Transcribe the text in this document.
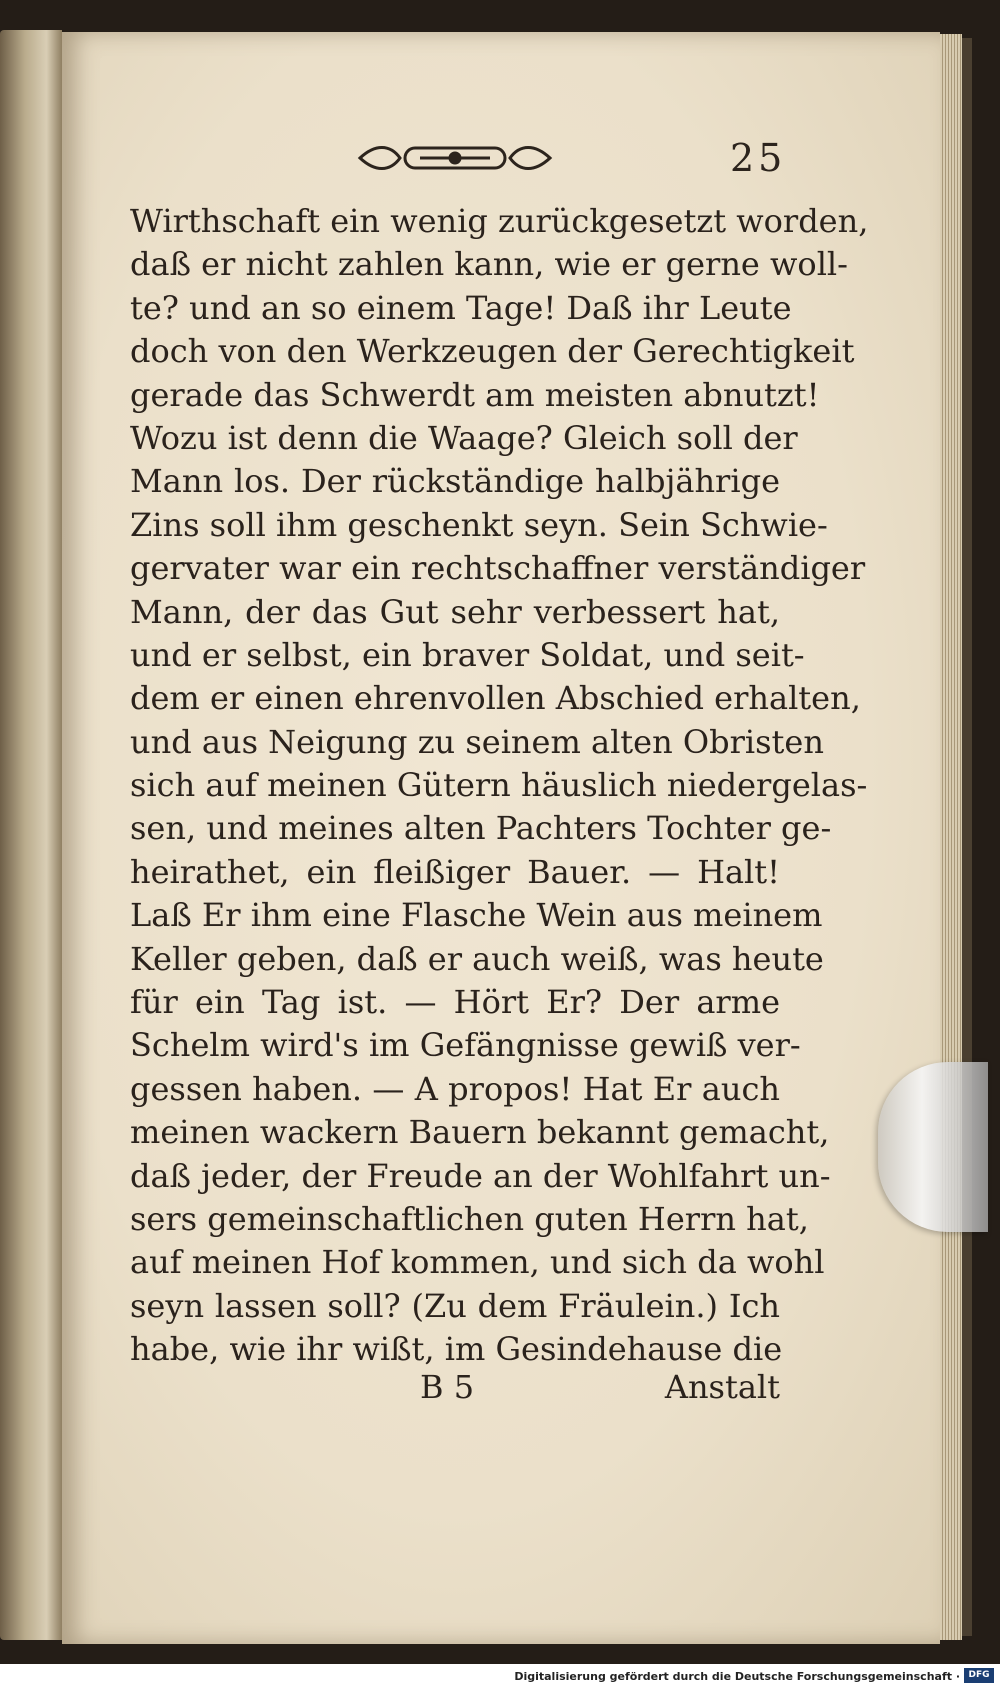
25
Wirthschaft ein wenig zurückgesetzt worden,
daß er nicht zahlen kann, wie er gerne woll-
te? und an so einem Tage! Daß ihr Leute
doch von den Werkzeugen der Gerechtigkeit
gerade das Schwerdt am meisten abnutzt!
Wozu ist denn die Waage? Gleich soll der
Mann los. Der rückständige halbjährige
Zins soll ihm geschenkt seyn. Sein Schwie-
gervater war ein rechtschaffner verständiger
Mann, der das Gut sehr verbessert hat,
und er selbst, ein braver Soldat, und seit-
dem er einen ehrenvollen Abschied erhalten,
und aus Neigung zu seinem alten Obristen
sich auf meinen Gütern häuslich niedergelas-
sen, und meines alten Pachters Tochter ge-
heirathet, ein fleißiger Bauer. — Halt!
Laß Er ihm eine Flasche Wein aus meinem
Keller geben, daß er auch weiß, was heute
für ein Tag ist. — Hört Er? Der arme
Schelm wird's im Gefängnisse gewiß ver-
gessen haben. — A propos! Hat Er auch
meinen wackern Bauern bekannt gemacht,
daß jeder, der Freude an der Wohlfahrt un-
sers gemeinschaftlichen guten Herrn hat,
auf meinen Hof kommen, und sich da wohl
seyn lassen soll? (Zu dem Fräulein.) Ich
habe, wie ihr wißt, im Gesindehause die
B 5	Anstalt
Digitalisierung gefördert durch die Deutsche Forschungsgemeinschaft · DFG
